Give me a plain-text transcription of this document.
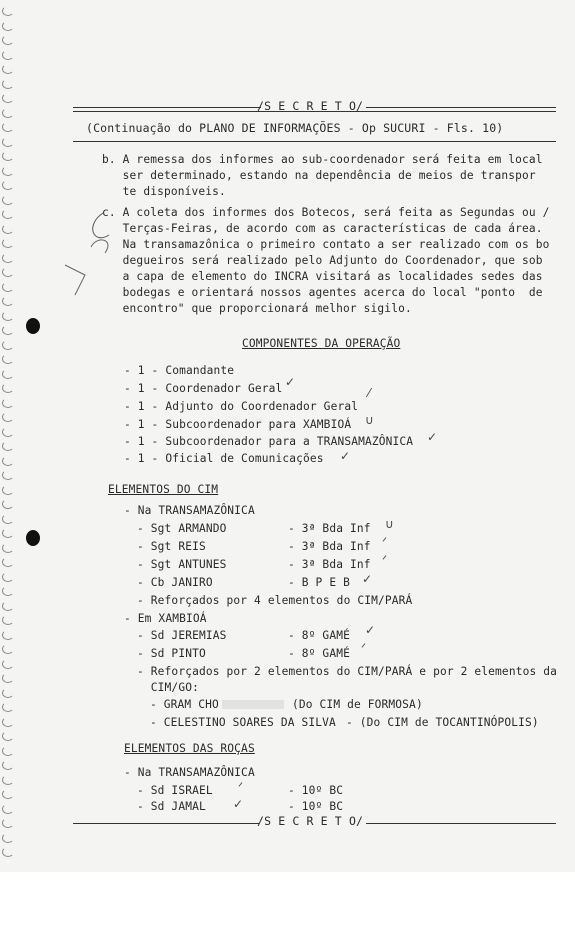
/S E C R E T O/
(Continuação do PLANO DE INFORMAÇÕES - Op SUCURI - Fls. 10)
b. A remessa dos informes ao sub-coordenador será feita em local
ser determinado, estando na dependência de meios de transpor
te disponíveis.
c. A coleta dos informes dos Botecos, será feita as Segundas ou /
Terças-Feiras, de acordo com as características de cada área.
Na transamazônica o primeiro contato a ser realizado com os bo
degueiros será realizado pelo Adjunto do Coordenador, que sob
a capa de elemento do INCRA visitará as localidades sedes das
bodegas e orientará nossos agentes acerca do local "ponto  de
encontro" que proporcionará melhor sigilo.
COMPONENTES DA OPERAÇÃO
- 1 - Comandante
- 1 - Coordenador Geral
- 1 - Adjunto do Coordenador Geral
- 1 - Subcoordenador para XAMBIOÁ
- 1 - Subcoordenador para a TRANSAMAZÔNICA
- 1 - Oficial de Comunicações
✓
⁄
∪
✓
✓
ELEMENTOS DO CIM
- Na TRANSAMAZÔNICA
- Sgt ARMANDO	- 3ª Bda Inf
- Sgt REIS	- 3ª Bda Inf
- Sgt ANTUNES	- 3ª Bda Inf
- Cb JANIRO	- B P E B
∪
ᐟ
ᐟ
✓
- Reforçados por 4 elementos do CIM/PARÁ
- Em XAMBIOÁ
- Sd JEREMIAS	- 8º GAMÉ
- Sd PINTO	- 8º GAMÉ
✓
ᐟ
- Reforçados por 2 elementos do CIM/PARÁ e por 2 elementos da
CIM/GO:
- GRAM CHO	(Do CIM de FORMOSA)
- CELESTINO SOARES DA SILVA - (Do CIM de TOCANTINÓPOLIS)
ELEMENTOS DAS ROÇAS
- Na TRANSAMAZÔNICA
- Sd ISRAEL	- 10º BC
- Sd JAMAL	- 10º BC
ᐟ
✓
/S E C R E T O/
